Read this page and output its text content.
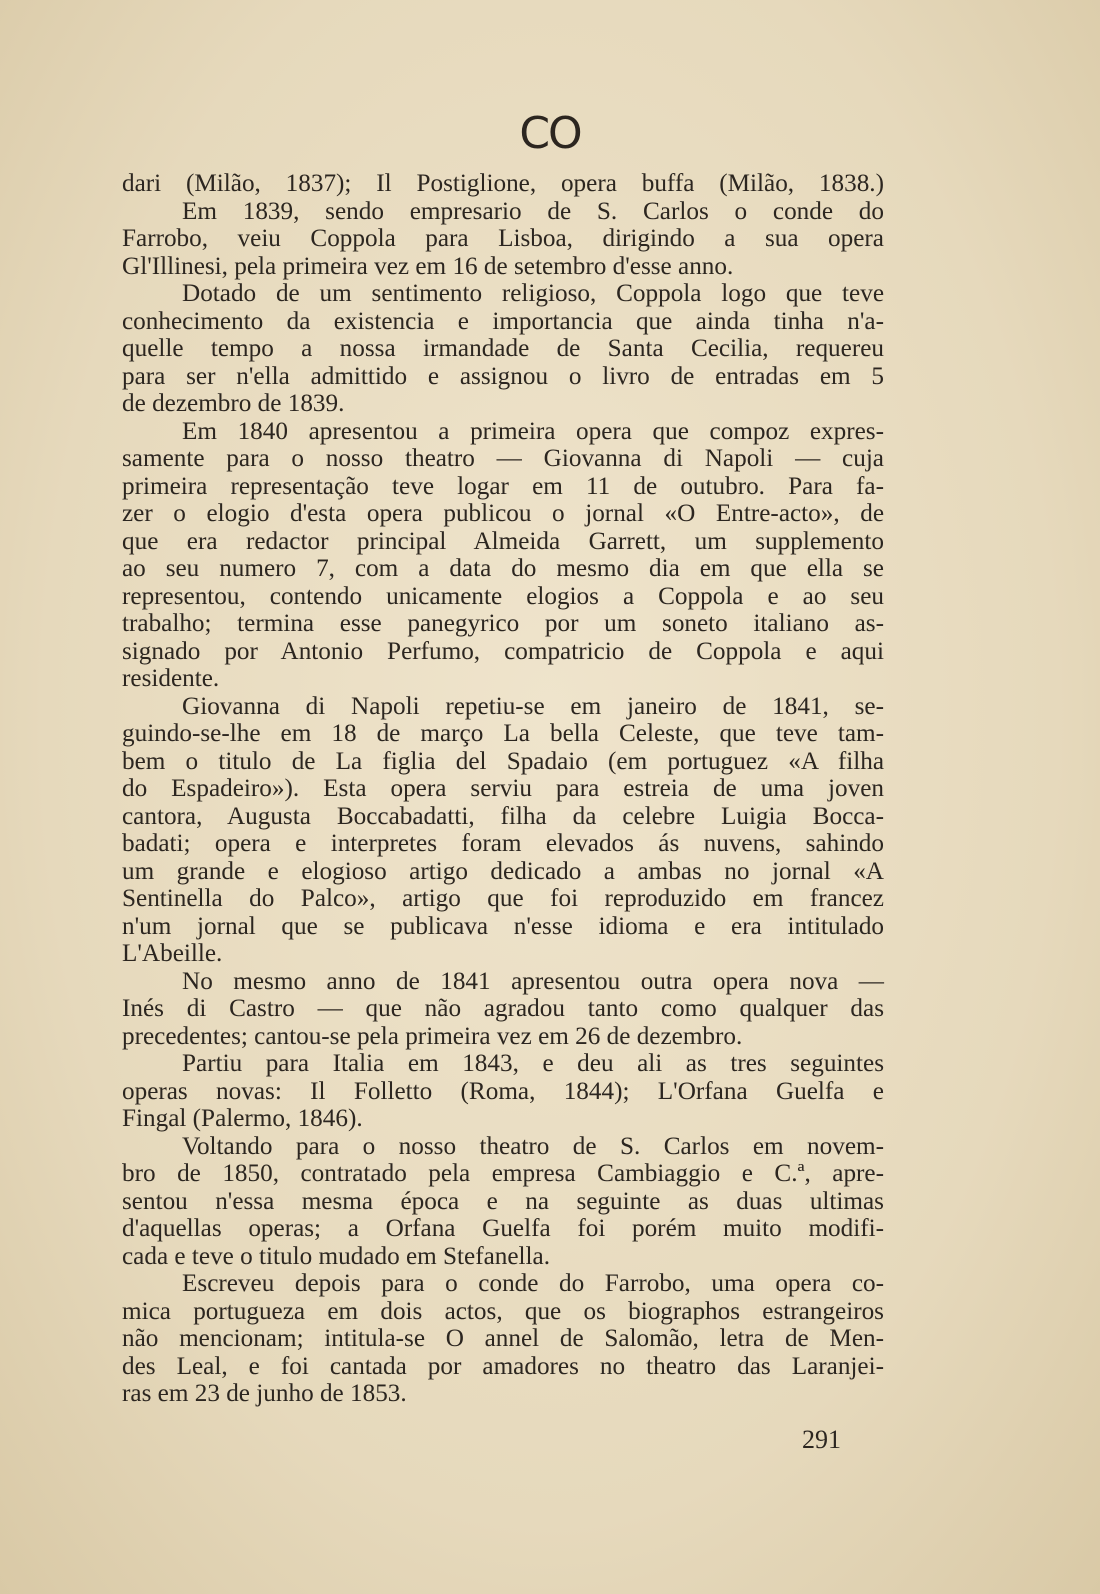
CO
dari (Milão, 1837); Il Postiglione, opera buffa (Milão, 1838.)
Em 1839, sendo empresario de S. Carlos o conde do
Farrobo, veiu Coppola para Lisboa, dirigindo a sua opera
Gl'Illinesi, pela primeira vez em 16 de setembro d'esse anno.
Dotado de um sentimento religioso, Coppola logo que teve
conhecimento da existencia e importancia que ainda tinha n'a-
quelle tempo a nossa irmandade de Santa Cecilia, requereu
para ser n'ella admittido e assignou o livro de entradas em 5
de dezembro de 1839.
Em 1840 apresentou a primeira opera que compoz expres-
samente para o nosso theatro — Giovanna di Napoli — cuja
primeira representação teve logar em 11 de outubro. Para fa-
zer o elogio d'esta opera publicou o jornal «O Entre-acto», de
que era redactor principal Almeida Garrett, um supplemento
ao seu numero 7, com a data do mesmo dia em que ella se
representou, contendo unicamente elogios a Coppola e ao seu
trabalho; termina esse panegyrico por um soneto italiano as-
signado por Antonio Perfumo, compatricio de Coppola e aqui
residente.
Giovanna di Napoli repetiu-se em janeiro de 1841, se-
guindo-se-lhe em 18 de março La bella Celeste, que teve tam-
bem o titulo de La figlia del Spadaio (em portuguez «A filha
do Espadeiro»). Esta opera serviu para estreia de uma joven
cantora, Augusta Boccabadatti, filha da celebre Luigia Bocca-
badati; opera e interpretes foram elevados ás nuvens, sahindo
um grande e elogioso artigo dedicado a ambas no jornal «A
Sentinella do Palco», artigo que foi reproduzido em francez
n'um jornal que se publicava n'esse idioma e era intitulado
L'Abeille.
No mesmo anno de 1841 apresentou outra opera nova —
Inés di Castro — que não agradou tanto como qualquer das
precedentes; cantou-se pela primeira vez em 26 de dezembro.
Partiu para Italia em 1843, e deu ali as tres seguintes
operas novas: Il Folletto (Roma, 1844); L'Orfana Guelfa e
Fingal (Palermo, 1846).
Voltando para o nosso theatro de S. Carlos em novem-
bro de 1850, contratado pela empresa Cambiaggio e C.ª, apre-
sentou n'essa mesma época e na seguinte as duas ultimas
d'aquellas operas; a Orfana Guelfa foi porém muito modifi-
cada e teve o titulo mudado em Stefanella.
Escreveu depois para o conde do Farrobo, uma opera co-
mica portugueza em dois actos, que os biographos estrangeiros
não mencionam; intitula-se O annel de Salomão, letra de Men-
des Leal, e foi cantada por amadores no theatro das Laranjei-
ras em 23 de junho de 1853.
291
